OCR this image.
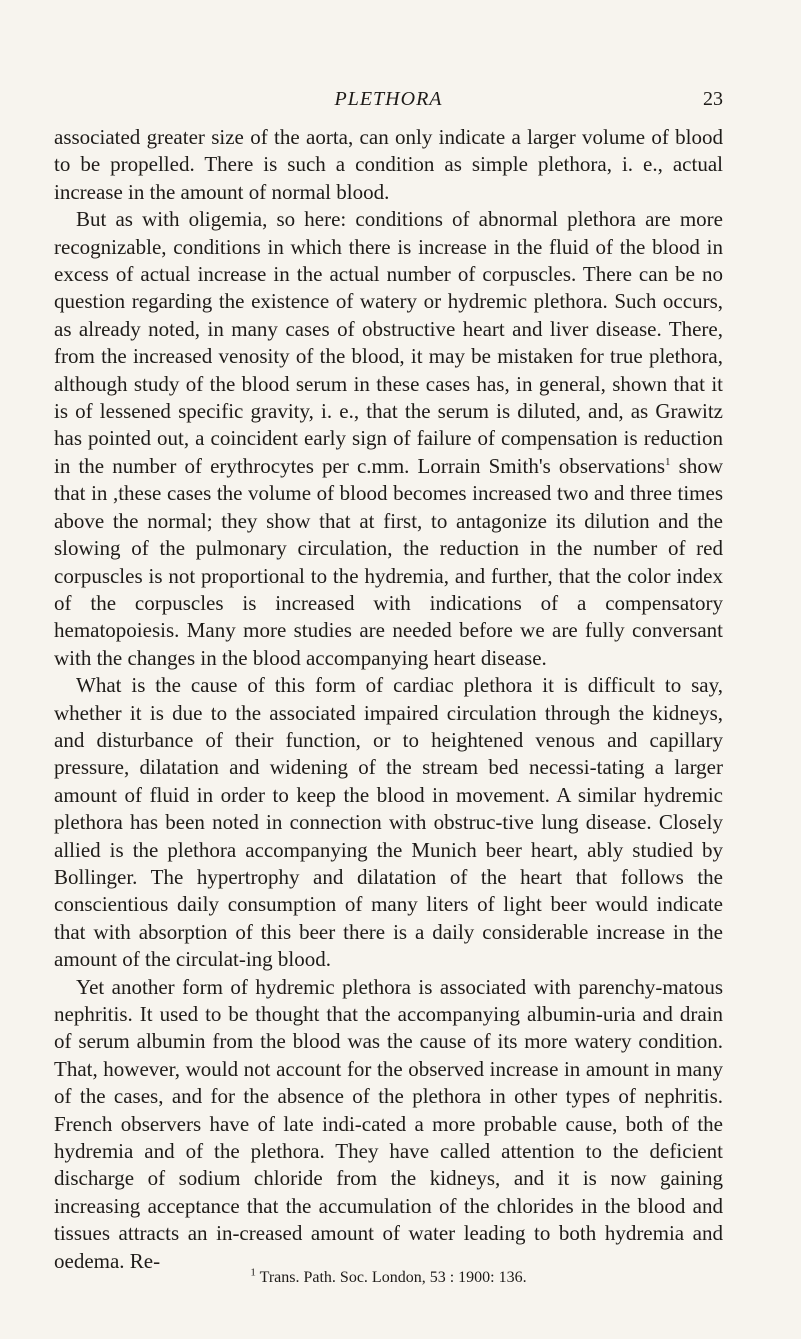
PLETHORA	23

associated greater size of the aorta, can only indicate a larger volume of blood to be propelled. There is such a condition as simple plethora, i. e., actual increase in the amount of normal blood.

But as with oligemia, so here: conditions of abnormal plethora are more recognizable, conditions in which there is increase in the fluid of the blood in excess of actual increase in the actual number of corpuscles. There can be no question regarding the existence of watery or hydremic plethora. Such occurs, as already noted, in many cases of obstructive heart and liver disease. There, from the increased venosity of the blood, it may be mistaken for true plethora, although study of the blood serum in these cases has, in general, shown that it is of lessened specific gravity, i. e., that the serum is diluted, and, as Grawitz has pointed out, a coincident early sign of failure of compensation is reduction in the number of erythrocytes per c.mm. Lorrain Smith's observations$^1$ show that in ,these cases the volume of blood becomes increased two and three times above the normal; they show that at first, to antagonize its dilution and the slowing of the pulmonary circulation, the reduction in the number of red corpuscles is not proportional to the hydremia, and further, that the color index of the corpuscles is increased with indications of a compensatory hematopoiesis. Many more studies are needed before we are fully conversant with the changes in the blood accompanying heart disease.

What is the cause of this form of cardiac plethora it is difficult to say, whether it is due to the associated impaired circulation through the kidneys, and disturbance of their function, or to heightened venous and capillary pressure, dilatation and widening of the stream bed necessi-tating a larger amount of fluid in order to keep the blood in movement. A similar hydremic plethora has been noted in connection with obstruc-tive lung disease. Closely allied is the plethora accompanying the Munich beer heart, ably studied by Bollinger. The hypertrophy and dilatation of the heart that follows the conscientious daily consumption of many liters of light beer would indicate that with absorption of this beer there is a daily considerable increase in the amount of the circulat-ing blood.

Yet another form of hydremic plethora is associated with parenchy-matous nephritis. It used to be thought that the accompanying albumin-uria and drain of serum albumin from the blood was the cause of its more watery condition. That, however, would not account for the observed increase in amount in many of the cases, and for the absence of the plethora in other types of nephritis. French observers have of late indi-cated a more probable cause, both of the hydremia and of the plethora. They have called attention to the deficient discharge of sodium chloride from the kidneys, and it is now gaining increasing acceptance that the accumulation of the chlorides in the blood and tissues attracts an in-creased amount of water leading to both hydremia and oedema. Re-

$^1$ Trans. Path. Soc. London, 53 : 1900: 136.
